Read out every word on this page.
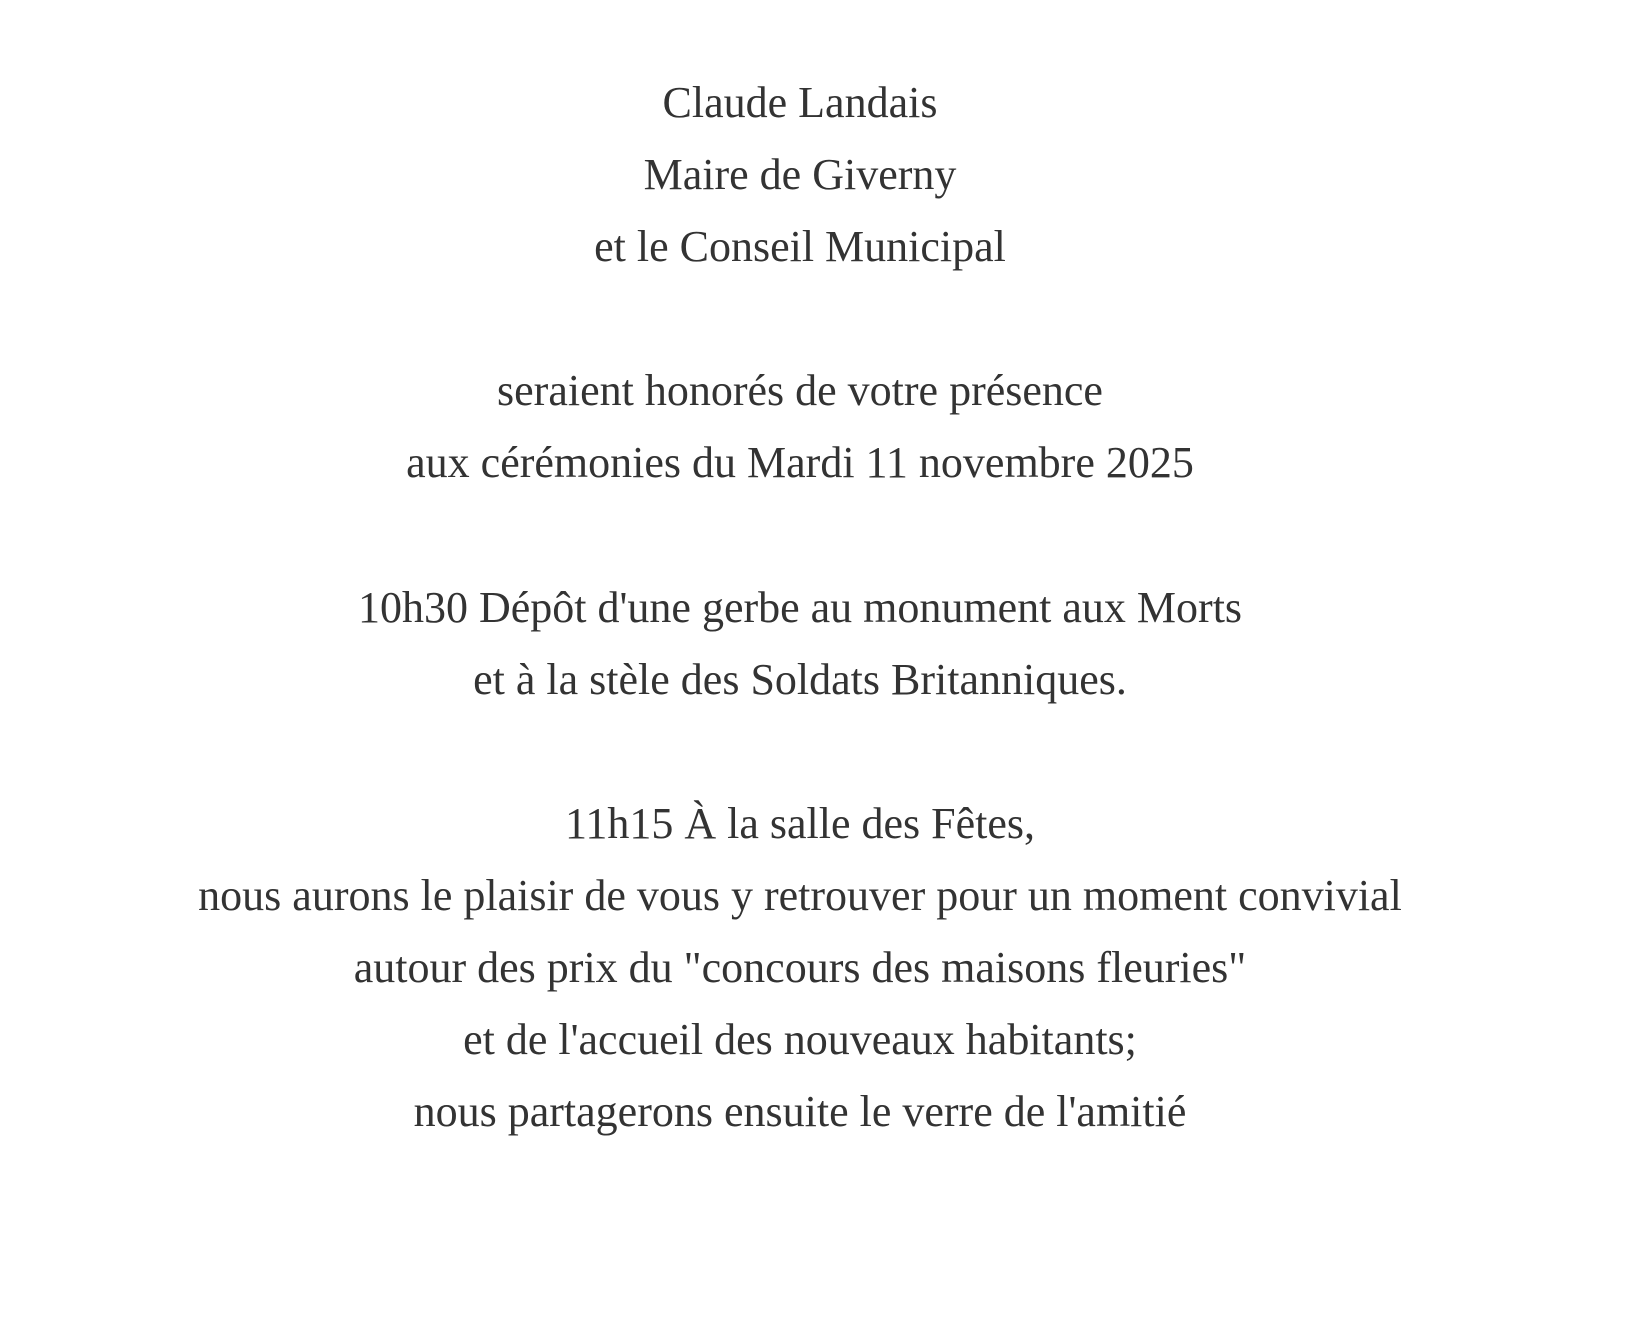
Claude Landais
Maire de Giverny
et le Conseil Municipal
seraient honorés de votre présence
aux cérémonies du Mardi 11 novembre 2025
10h30 Dépôt d'une gerbe au monument aux Morts
et à la stèle des Soldats Britanniques.
11h15 À la salle des Fêtes,
nous aurons le plaisir de vous y retrouver pour un moment convivial
autour des prix du "concours des maisons fleuries"
et de l'accueil des nouveaux habitants;
nous partagerons ensuite le verre de l'amitié
